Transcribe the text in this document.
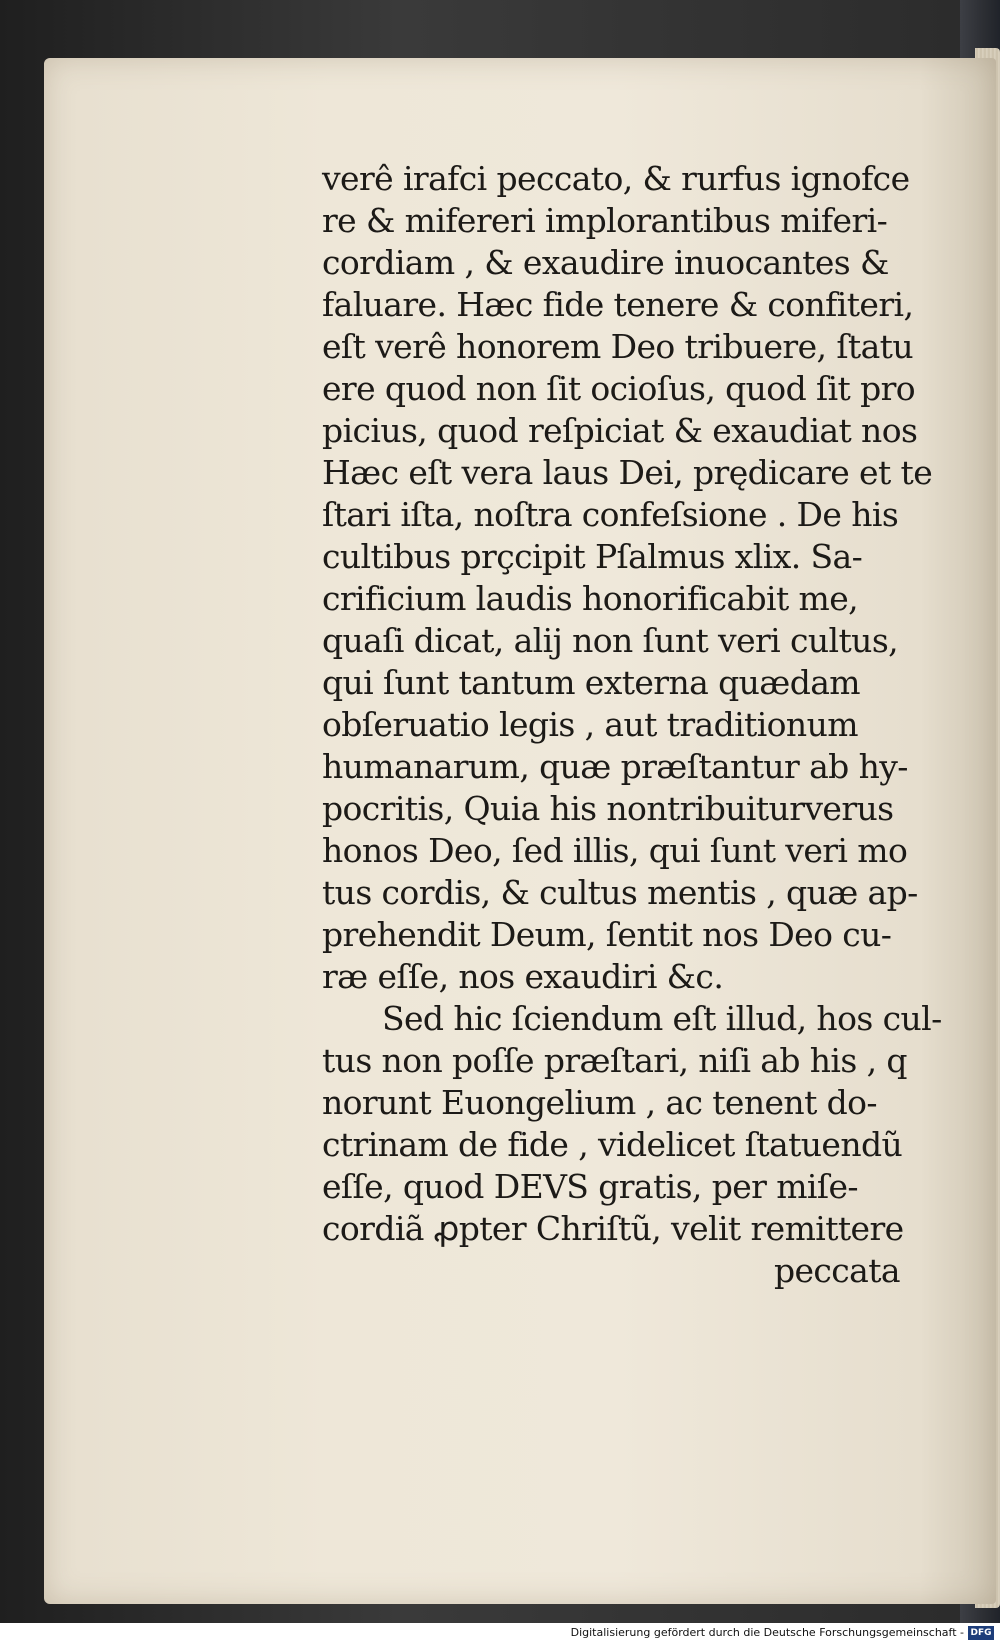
verê irafci peccato, & rurfus ignofce
re & mifereri implorantibus miferi-
cordiam , & exaudire inuocantes &
faluare. Hæc fide tenere & confiteri,
eſt verê honorem Deo tribuere, ſtatu
ere quod non ſit ocioſus, quod ſit pro
picius, quod reſpiciat & exaudiat nos
Hæc eſt vera laus Dei, prędicare et te
ſtari iſta, noſtra confeſsione . De his
cultibus prçcipit Pſalmus xlix. Sa-
crificium laudis honorificabit me,
quaſi dicat, alij non ſunt veri cultus,
qui ſunt tantum externa quædam
obſeruatio legis , aut traditionum
humanarum, quæ præſtantur ab hy-
pocritis, Quia his nontribuiturverus
honos Deo, ſed illis, qui ſunt veri mo
tus cordis, & cultus mentis , quæ ap-
prehendit Deum, ſentit nos Deo cu-
ræ eſſe, nos exaudiri &c.
Sed hic ſciendum eſt illud, hos cul-
tus non poſſe præſtari, niſi ab his , q
norunt Euongelium , ac tenent do-
ctrinam de fide , videlicet ſtatuendũ
eſſe, quod DEVS gratis, per miſe-
cordiã ꝓpter Chriſtũ, velit remittere
peccata
Digitalisierung gefördert durch die Deutsche Forschungsgemeinschaft - DFG
